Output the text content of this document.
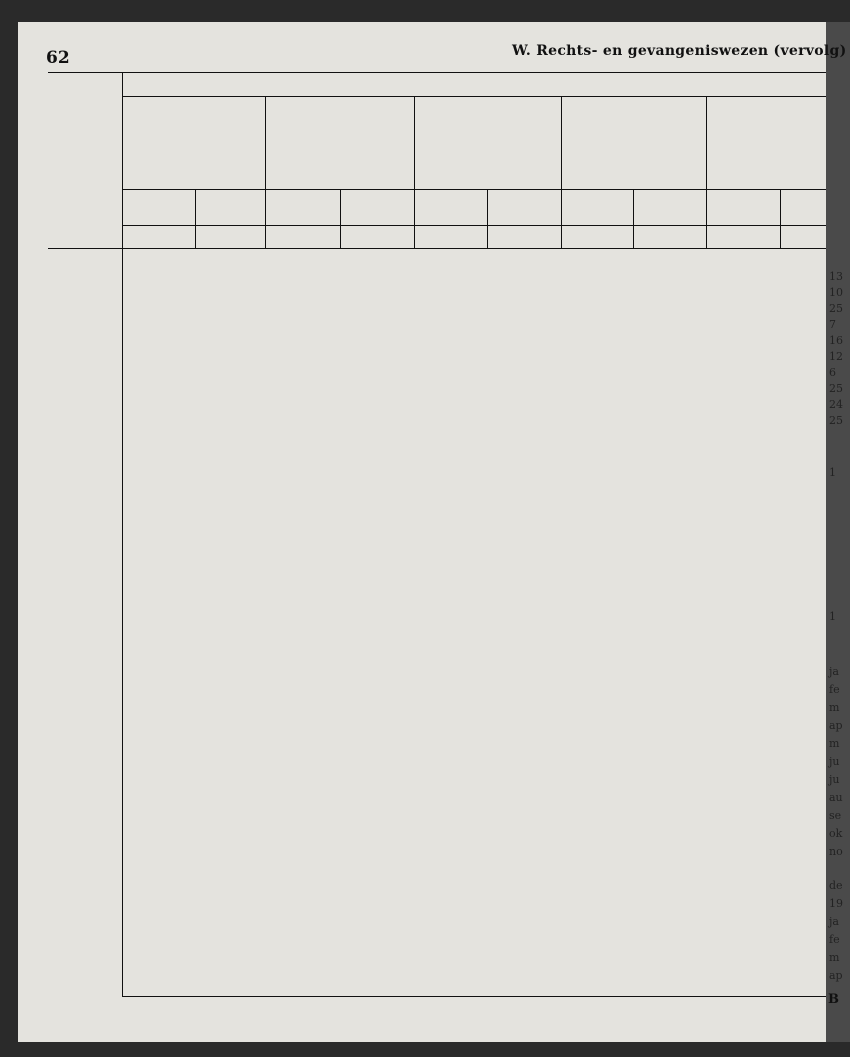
62	W. Rechts- en gevangeniswezen (vervolg)
13
10
25
7
16
12
6
25
24
25
1
1
ja
fe
m
ap
m
ju
ju
au
se
ok
no
de
19
ja
fe
m
ap
B
